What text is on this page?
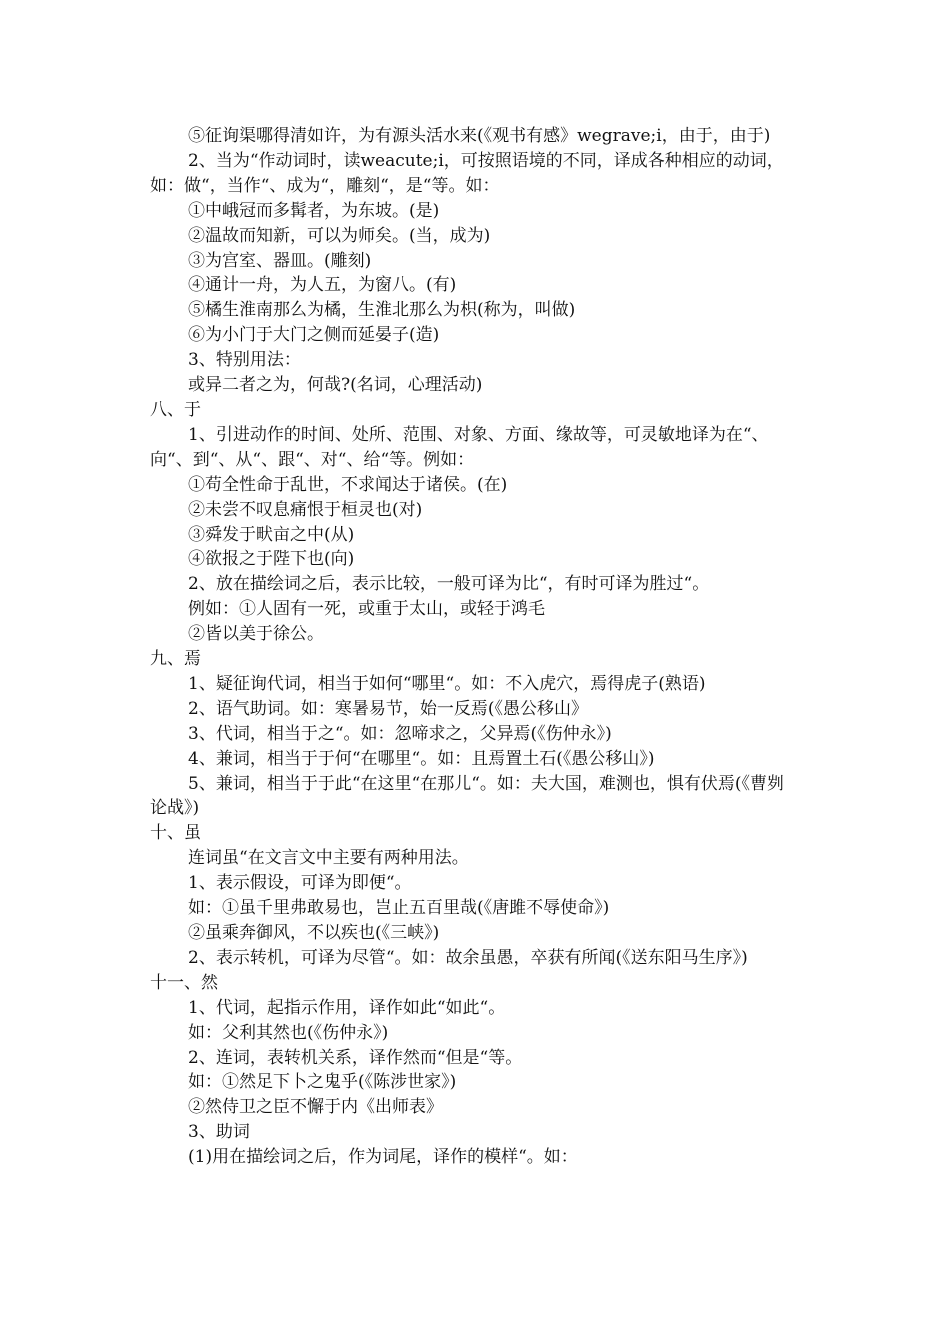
⑤征询渠哪得清如许，为有源头活水来(《观书有感》wegrave;i，由于，由于)

2、当为“作动词时，读weacute;i，可按照语境的不同，译成各种相应的动词，如：做“，当作“、成为“，雕刻“，是“等。如：

①中峨冠而多髯者，为东坡。(是)

②温故而知新，可以为师矣。(当，成为)

③为宫室、器皿。(雕刻)

④通计一舟，为人五，为窗八。(有)

⑤橘生淮南那么为橘，生淮北那么为枳(称为，叫做)

⑥为小门于大门之侧而延晏子(造)

3、特别用法：

或异二者之为，何哉?(名词，心理活动)

八、于

1、引进动作的时间、处所、范围、对象、方面、缘故等，可灵敏地译为在“、向“、到“、从“、跟“、对“、给“等。例如：

①苟全性命于乱世，不求闻达于诸侯。(在)

②未尝不叹息痛恨于桓灵也(对)

③舜发于畎亩之中(从)

④欲报之于陛下也(向)

2、放在描绘词之后，表示比较，一般可译为比“，有时可译为胜过“。

例如：①人固有一死，或重于太山，或轻于鸿毛

②皆以美于徐公。

九、焉

1、疑征询代词，相当于如何“哪里“。如：不入虎穴，焉得虎子(熟语)

2、语气助词。如：寒暑易节，始一反焉(《愚公移山》

3、代词，相当于之“。如：忽啼求之，父异焉(《伤仲永》)

4、兼词，相当于于何“在哪里“。如：且焉置土石(《愚公移山》)

5、兼词，相当于于此“在这里“在那儿“。如：夫大国，难测也，惧有伏焉(《曹刿论战》)

十、虽

连词虽“在文言文中主要有两种用法。

1、表示假设，可译为即便“。

如：①虽千里弗敢易也，岂止五百里哉(《唐雎不辱使命》)

②虽乘奔御风，不以疾也(《三峡》)

2、表示转机，可译为尽管“。如：故余虽愚，卒获有所闻(《送东阳马生序》)

十一、然

1、代词，起指示作用，译作如此“如此“。

如：父利其然也(《伤仲永》)

2、连词，表转机关系，译作然而“但是“等。

如：①然足下卜之鬼乎(《陈涉世家》)

②然侍卫之臣不懈于内《出师表》

3、助词

(1)用在描绘词之后，作为词尾，译作的模样“。如：
